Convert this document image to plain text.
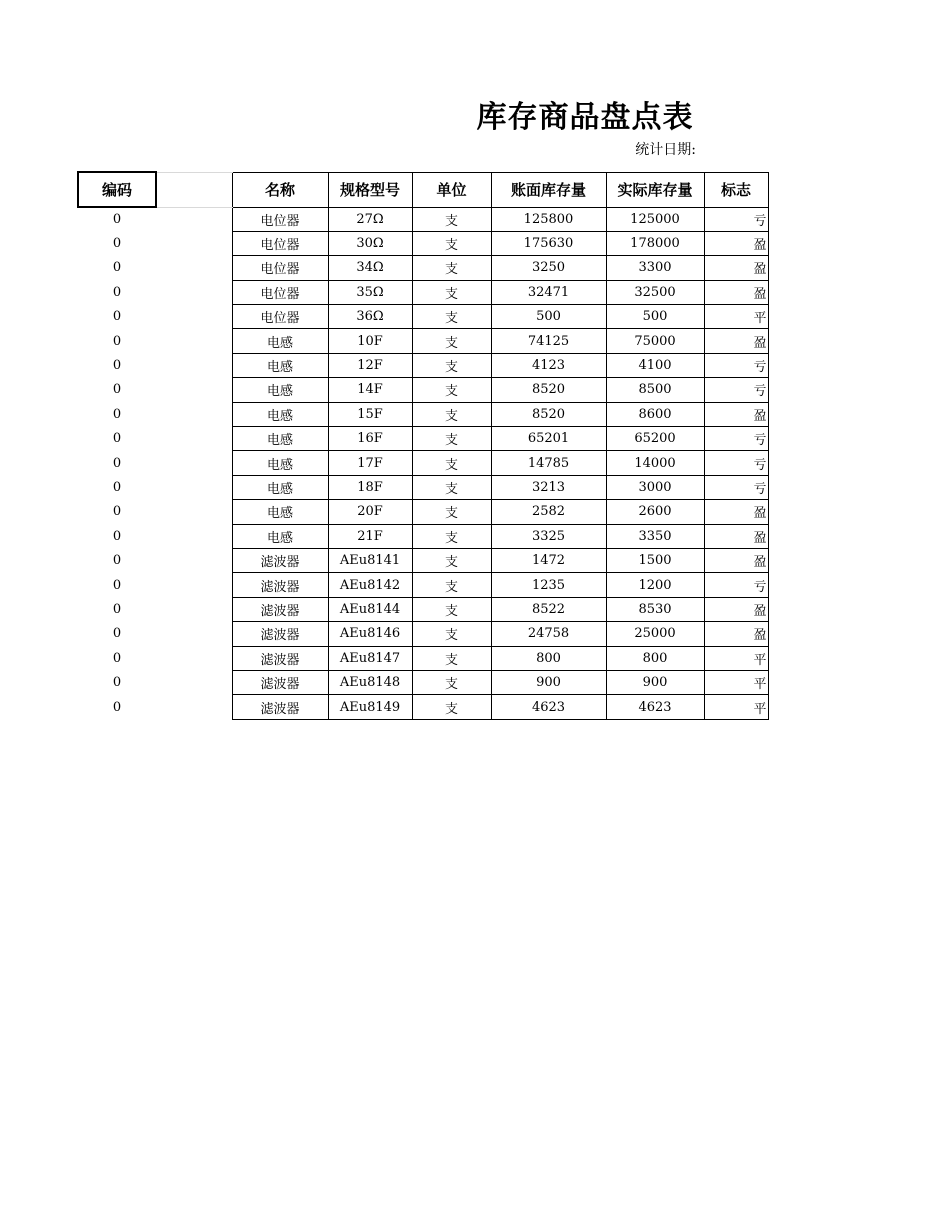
库存商品盘点表
统计日期:
编码		名称	规格型号	单位	账面库存量	实际库存量	标志
0		电位器	27Ω	支	125800	125000	亏
0		电位器	30Ω	支	175630	178000	盈
0		电位器	34Ω	支	3250	3300	盈
0		电位器	35Ω	支	32471	32500	盈
0		电位器	36Ω	支	500	500	平
0		电感	10F	支	74125	75000	盈
0		电感	12F	支	4123	4100	亏
0		电感	14F	支	8520	8500	亏
0		电感	15F	支	8520	8600	盈
0		电感	16F	支	65201	65200	亏
0		电感	17F	支	14785	14000	亏
0		电感	18F	支	3213	3000	亏
0		电感	20F	支	2582	2600	盈
0		电感	21F	支	3325	3350	盈
0		滤波器	AEu8141	支	1472	1500	盈
0		滤波器	AEu8142	支	1235	1200	亏
0		滤波器	AEu8144	支	8522	8530	盈
0		滤波器	AEu8146	支	24758	25000	盈
0		滤波器	AEu8147	支	800	800	平
0		滤波器	AEu8148	支	900	900	平
0		滤波器	AEu8149	支	4623	4623	平
